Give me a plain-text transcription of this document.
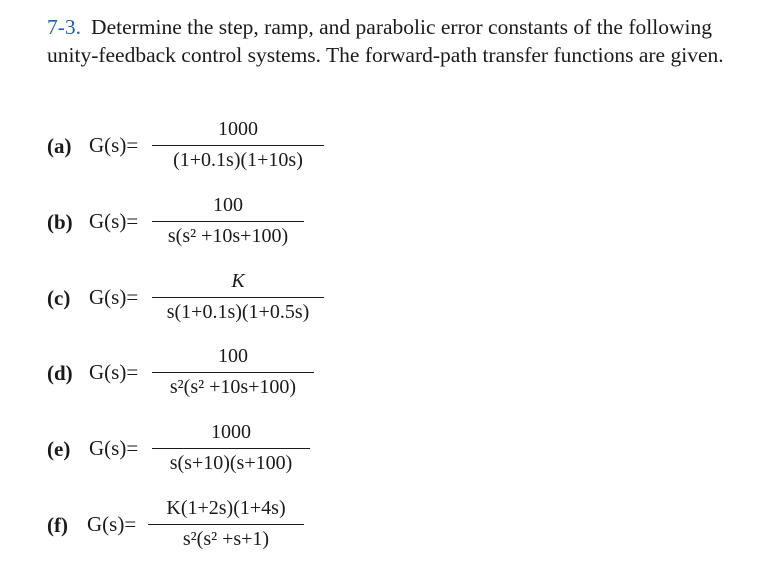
7-3. Determine the step, ramp, and parabolic error constants of the following unity-feedback control systems. The forward-path transfer functions are given.
(a) G(s)=
1000
(1+0.1s)(1+10s)
(b) G(s)=
100
s(s² +10s+100)
(c) G(s)=
K
s(1+0.1s)(1+0.5s)
(d) G(s)=
100
s²(s² +10s+100)
(e) G(s)=
1000
s(s+10)(s+100)
(f) G(s)=
K(1+2s)(1+4s)
s²(s² +s+1)
